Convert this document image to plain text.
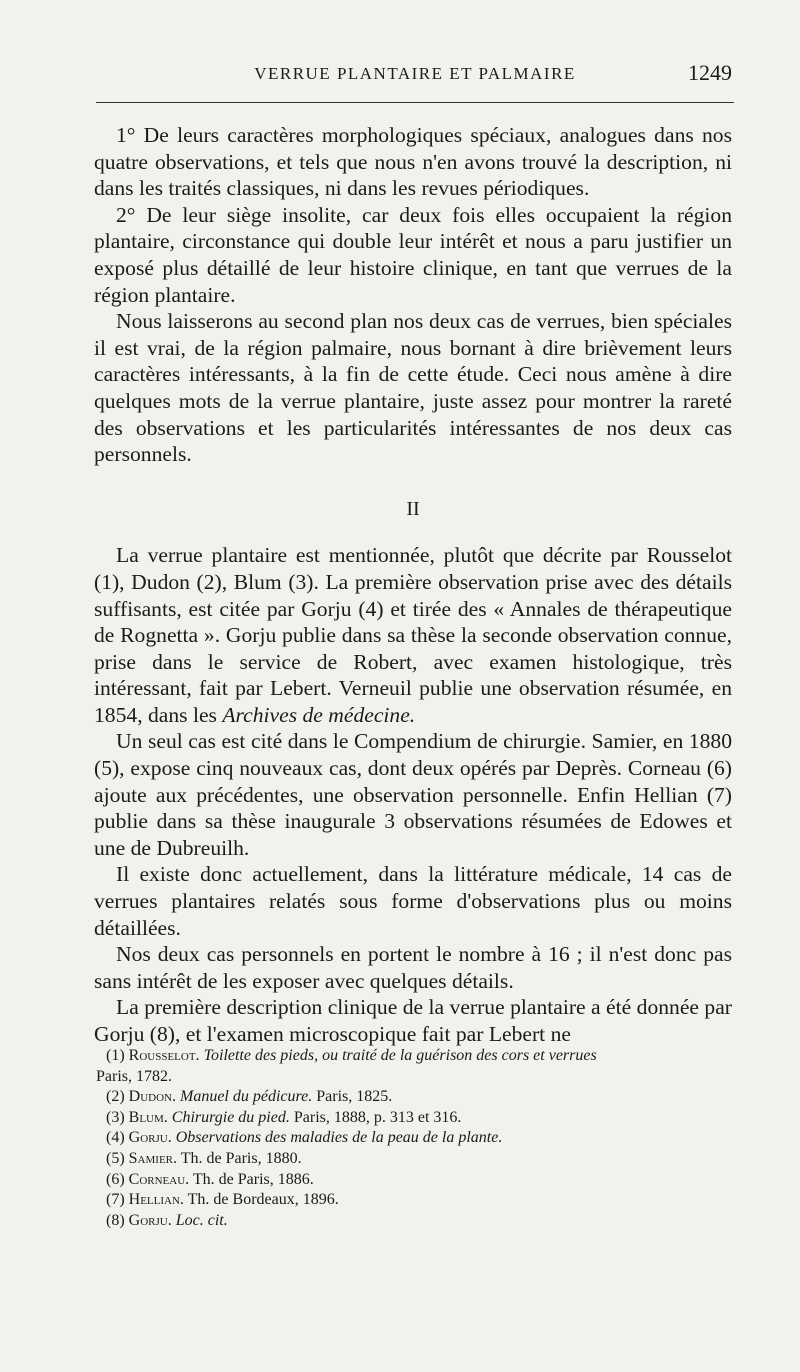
VERRUE PLANTAIRE ET PALMAIRE	1249

1° De leurs caractères morphologiques spéciaux, analogues dans nos quatre observations, et tels que nous n'en avons trouvé la description, ni dans les traités classiques, ni dans les revues périodiques.

2° De leur siège insolite, car deux fois elles occupaient la région plantaire, circonstance qui double leur intérêt et nous a paru justifier un exposé plus détaillé de leur histoire clinique, en tant que verrues de la région plantaire.

Nous laisserons au second plan nos deux cas de verrues, bien spéciales il est vrai, de la région palmaire, nous bornant à dire brièvement leurs caractères intéressants, à la fin de cette étude. Ceci nous amène à dire quelques mots de la verrue plantaire, juste assez pour montrer la rareté des observations et les particularités intéressantes de nos deux cas personnels.

II

La verrue plantaire est mentionnée, plutôt que décrite par Rousselot (1), Dudon (2), Blum (3). La première observation prise avec des détails suffisants, est citée par Gorju (4) et tirée des « Annales de thérapeutique de Rognetta ». Gorju publie dans sa thèse la seconde observation connue, prise dans le service de Robert, avec examen histologique, très intéressant, fait par Lebert. Verneuil publie une observation résumée, en 1854, dans les Archives de médecine.

Un seul cas est cité dans le Compendium de chirurgie. Samier, en 1880 (5), expose cinq nouveaux cas, dont deux opérés par Deprès. Corneau (6) ajoute aux précédentes, une observation personnelle. Enfin Hellian (7) publie dans sa thèse inaugurale 3 observations résumées de Edowes et une de Dubreuilh.

Il existe donc actuellement, dans la littérature médicale, 14 cas de verrues plantaires relatés sous forme d'observations plus ou moins détaillées.

Nos deux cas personnels en portent le nombre à 16 ; il n'est donc pas sans intérêt de les exposer avec quelques détails.

La première description clinique de la verrue plantaire a été donnée par Gorju (8), et l'examen microscopique fait par Lebert ne

(1) Rousselot. Toilette des pieds, ou traité de la guérison des cors et verrues
Paris, 1782.
(2) Dudon. Manuel du pédicure. Paris, 1825.
(3) Blum. Chirurgie du pied. Paris, 1888, p. 313 et 316.
(4) Gorju. Observations des maladies de la peau de la plante.
(5) Samier. Th. de Paris, 1880.
(6) Corneau. Th. de Paris, 1886.
(7) Hellian. Th. de Bordeaux, 1896.
(8) Gorju. Loc. cit.
